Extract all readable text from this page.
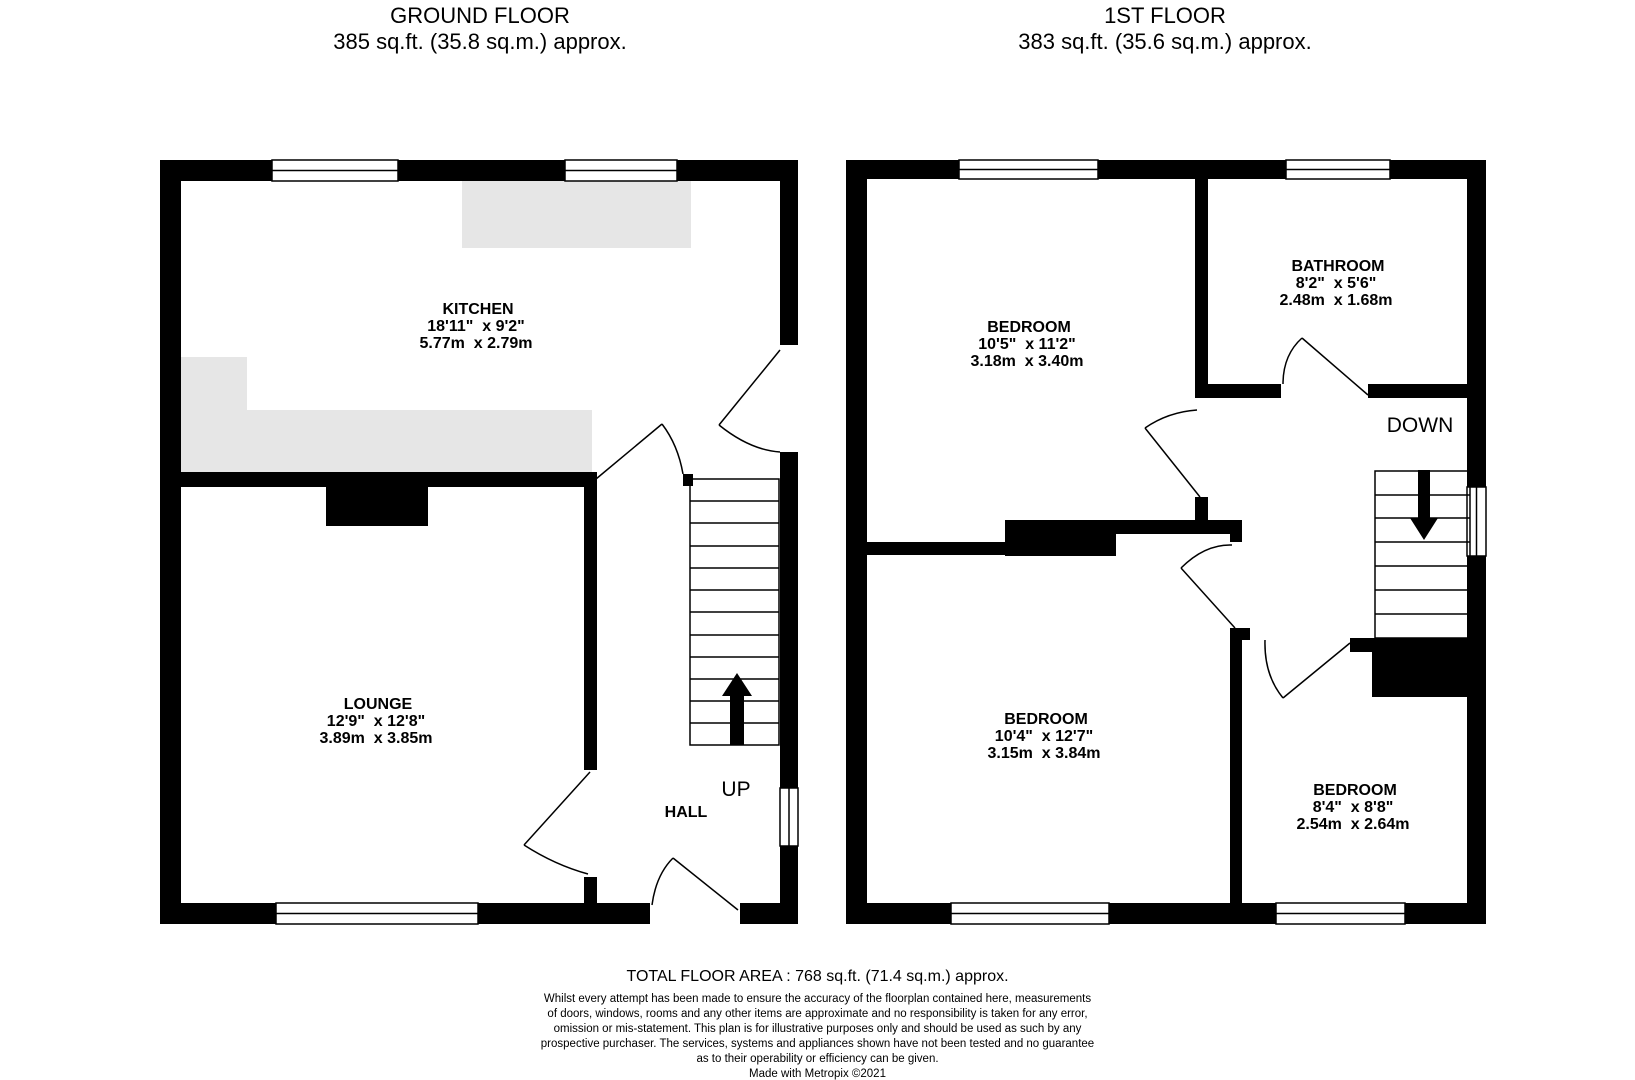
GROUND FLOOR
385 sq.ft. (35.8 sq.m.) approx.
1ST FLOOR
383 sq.ft. (35.6 sq.m.) approx.
KITCHEN
18'11"  x 9'2"
5.77m  x 2.79m
LOUNGE
12'9"  x 12'8"
3.89m  x 3.85m
HALL
UP
BEDROOM
10'5"  x 11'2"
3.18m  x 3.40m
BATHROOM
8'2"  x 5'6"
2.48m  x 1.68m
BEDROOM
10'4"  x 12'7"
3.15m  x 3.84m
BEDROOM
8'4"  x 8'8"
2.54m  x 2.64m
DOWN
TOTAL FLOOR AREA : 768 sq.ft. (71.4 sq.m.) approx.
Whilst every attempt has been made to ensure the accuracy of the floorplan contained here, measurements
of doors, windows, rooms and any other items are approximate and no responsibility is taken for any error,
omission or mis-statement. This plan is for illustrative purposes only and should be used as such by any
prospective purchaser. The services, systems and appliances shown have not been tested and no guarantee
as to their operability or efficiency can be given.
Made with Metropix ©2021
